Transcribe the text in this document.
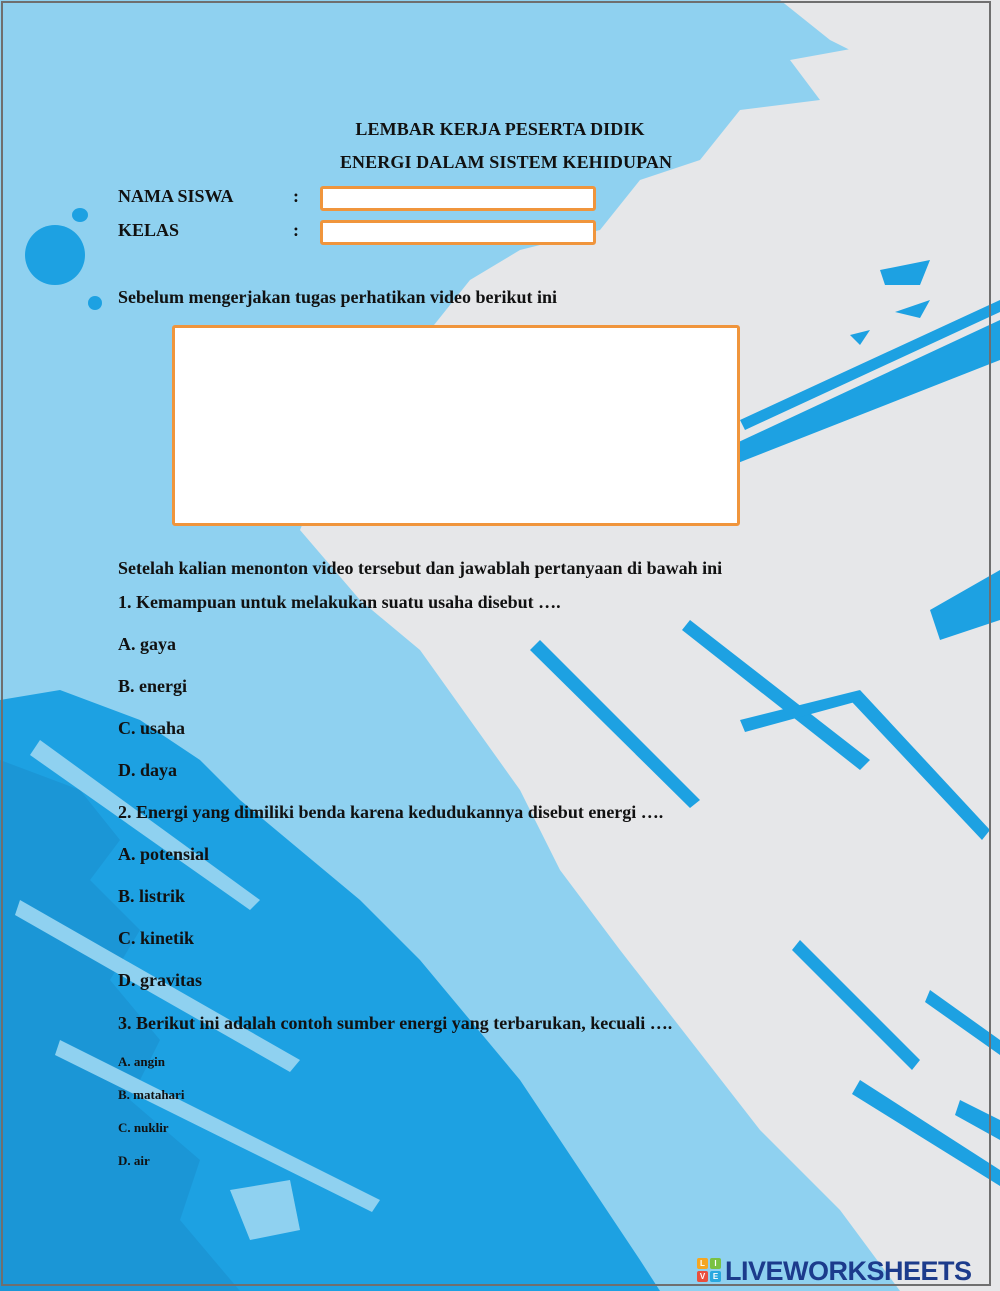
LEMBAR KERJA PESERTA DIDIK
ENERGI DALAM SISTEM KEHIDUPAN
NAMA SISWA	:
KELAS	:
Sebelum mengerjakan tugas perhatikan video berikut ini
Setelah kalian menonton video tersebut dan jawablah pertanyaan di bawah ini
1. Kemampuan untuk melakukan suatu usaha disebut ….
A. gaya
B. energi
C. usaha
D. daya
2. Energi yang dimiliki benda karena kedudukannya disebut energi ….
A. potensial
B. listrik
C. kinetik
D. gravitas
3. Berikut ini adalah contoh sumber energi yang terbarukan, kecuali ….
A. angin
B. matahari
C. nuklir
D. air
L	I
V E LIVEWORKSHEETS
